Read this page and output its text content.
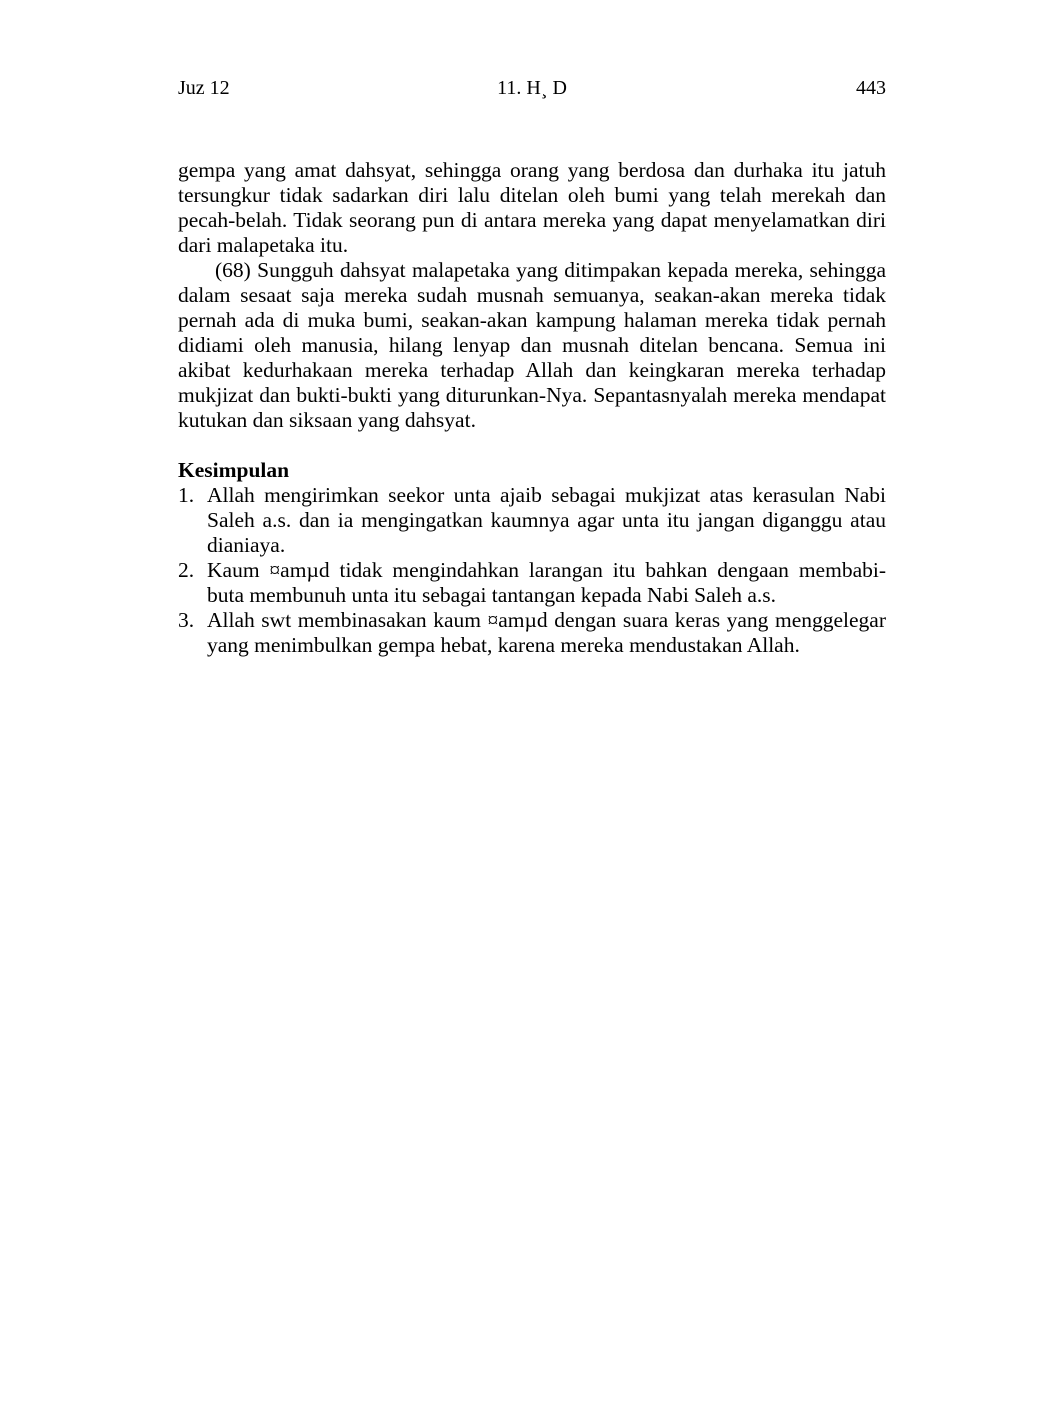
Juz 12	11. H¸ D	443

gempa yang amat dahsyat, sehingga orang yang berdosa dan durhaka itu jatuh tersungkur tidak sadarkan diri lalu ditelan oleh bumi yang telah merekah dan pecah-belah. Tidak seorang pun di antara mereka yang dapat menyelamatkan diri dari malapetaka itu.

(68) Sungguh dahsyat malapetaka yang ditimpakan kepada mereka, sehingga dalam sesaat saja mereka sudah musnah semuanya, seakan-akan mereka tidak pernah ada di muka bumi, seakan-akan kampung halaman mereka tidak pernah didiami oleh manusia, hilang lenyap dan musnah ditelan bencana. Semua ini akibat kedurhakaan mereka terhadap Allah dan keingkaran mereka terhadap mukjizat dan bukti-bukti yang diturunkan-Nya. Sepantasnyalah mereka mendapat kutukan dan siksaan yang dahsyat.

Kesimpulan
1. Allah mengirimkan seekor unta ajaib sebagai mukjizat atas kerasulan Nabi Saleh a.s. dan ia mengingatkan kaumnya agar unta itu jangan diganggu atau dianiaya.
2. Kaum ¤amµd tidak mengindahkan larangan itu bahkan dengaan membabi-buta membunuh unta itu sebagai tantangan kepada Nabi Saleh a.s.
3. Allah swt membinasakan kaum ¤amµd dengan suara keras yang menggelegar yang menimbulkan gempa hebat, karena mereka mendustakan Allah.
